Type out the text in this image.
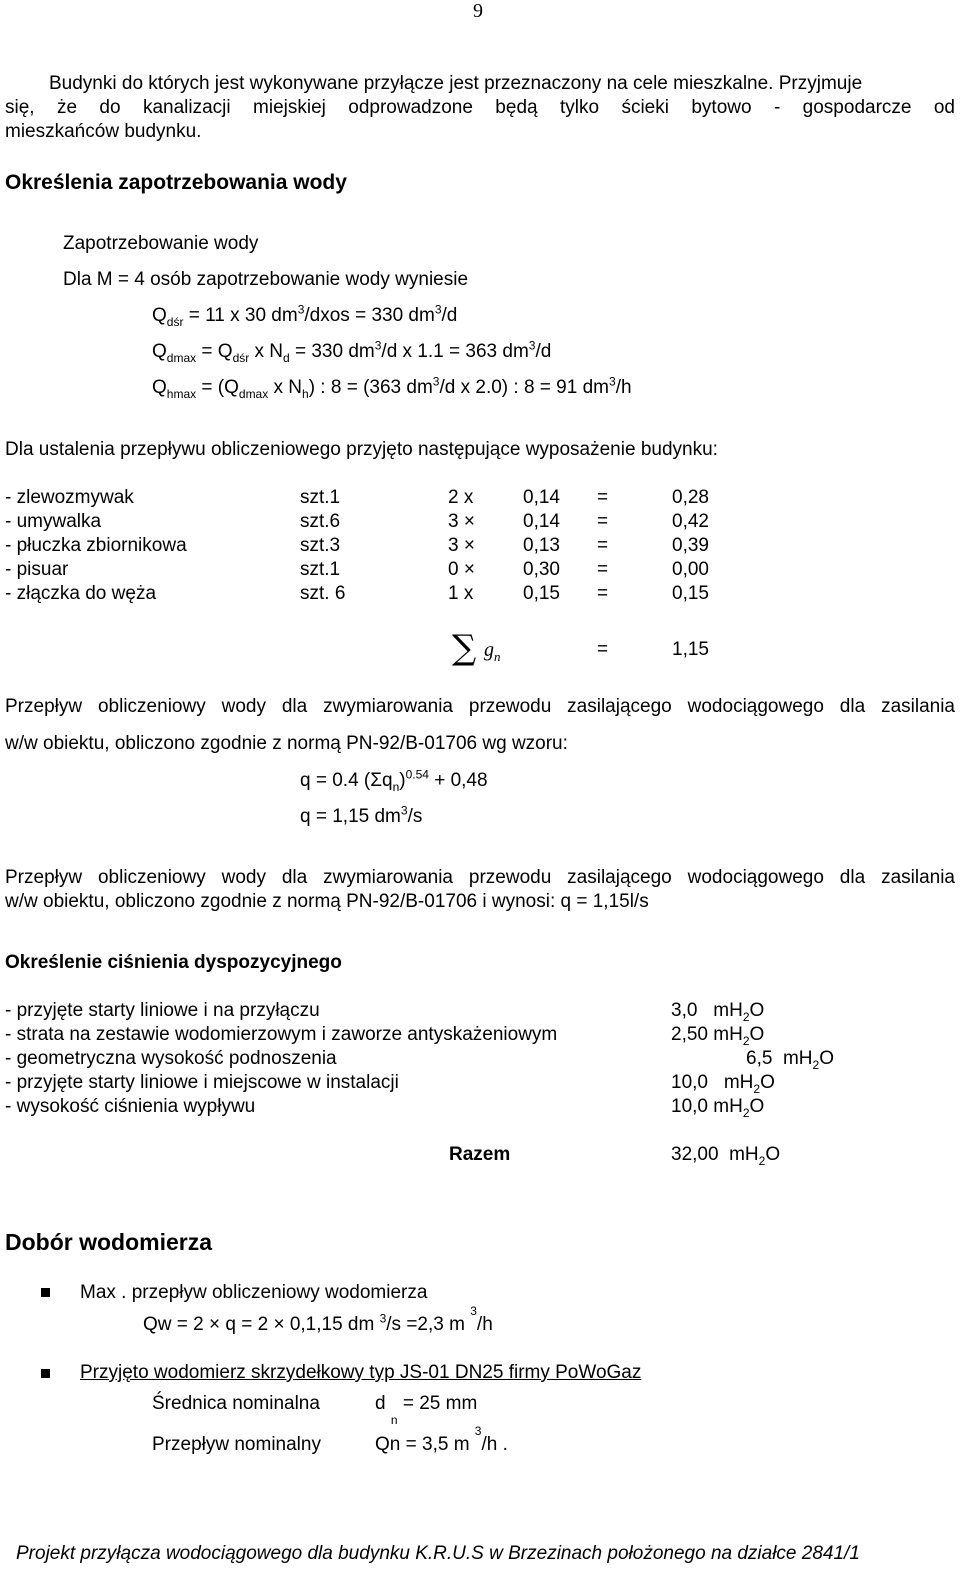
9
Budynki do których jest wykonywane przyłącze jest przeznaczony na cele mieszkalne. Przyjmuje
się, że do kanalizacji miejskiej odprowadzone będą tylko ścieki bytowo - gospodarcze od
mieszkańców budynku.
Określenia zapotrzebowania wody
Zapotrzebowanie wody
Dla M = 4 osób zapotrzebowanie wody wyniesie
$Q_{dśr} = 11$ x 30 $dm^3$/dxos = 330 $dm^3/d$
$Q_{dmax} = Q_{dśr}$ x $N_d = 330$ $dm^3/d$ x 1.1 = 363 $dm^3/d$
$Q_{hmax} = (Q_{dmax}$ x $N_h$) : 8 = (363 $dm^3/d$ x 2.0) : 8 = 91 $dm^3/h$
Dla ustalenia przepływu obliczeniowego przyjęto następujące wyposażenie budynku:
- zlewozmywak	szt.1	2 x	0,14 =	0,28
- umywalka	szt.6	3 ×	0,14 =	0,42
- płuczka zbiornikowa	szt.3	3 ×	0,13 =	0,39
- pisuar	szt.1	0 ×	0,30 =	0,00
- złączka do węża	szt. 6	1 x	0,15 =	0,15
∑ $g_n$	=	1,15
Przepływ obliczeniowy wody dla zwymiarowania przewodu zasilającego wodociągowego dla zasilania
w/w obiektu, obliczono zgodnie z normą PN-92/B-01706 wg wzoru:
q = 0.4 $(\Sigma q_n)^{0.54} + 0,48$
q = 1,15 $dm^3/s$
Przepływ obliczeniowy wody dla zwymiarowania przewodu zasilającego wodociągowego dla zasilania
w/w obiektu, obliczono zgodnie z normą PN-92/B-01706 i wynosi: q = 1,15l/s
Określenie ciśnienia dyspozycyjnego
- przyjęte starty liniowe i na przyłączu	3,0 $mH_2O$
- strata na zestawie wodomierzowym i zaworze antyskażeniowym	2,50 $mH_2O$
- geometryczna wysokość podnoszenia	6,5 $mH_2O$
- przyjęte starty liniowe i miejscowe w instalacji	10,0 $mH_2O$
- wysokość ciśnienia wypływu	10,0 $mH_2O$
Razem	32,00 $mH_2O$
Dobór wodomierza
Max . przepływ obliczeniowy wodomierza
Qw = 2 × q = 2 × 0,1,15 dm $^3$/s =2,3 m $^3$/h
Przyjęto wodomierz skrzydełkowy typ JS-01 DN25 firmy PoWoGaz
Średnica nominalna	d $_n$ = 25 mm
Przepływ nominalny	Qn = 3,5 m $^3$/h .
Projekt przyłącza wodociągowego dla budynku K.R.U.S w Brzezinach położonego na działce 2841/1
